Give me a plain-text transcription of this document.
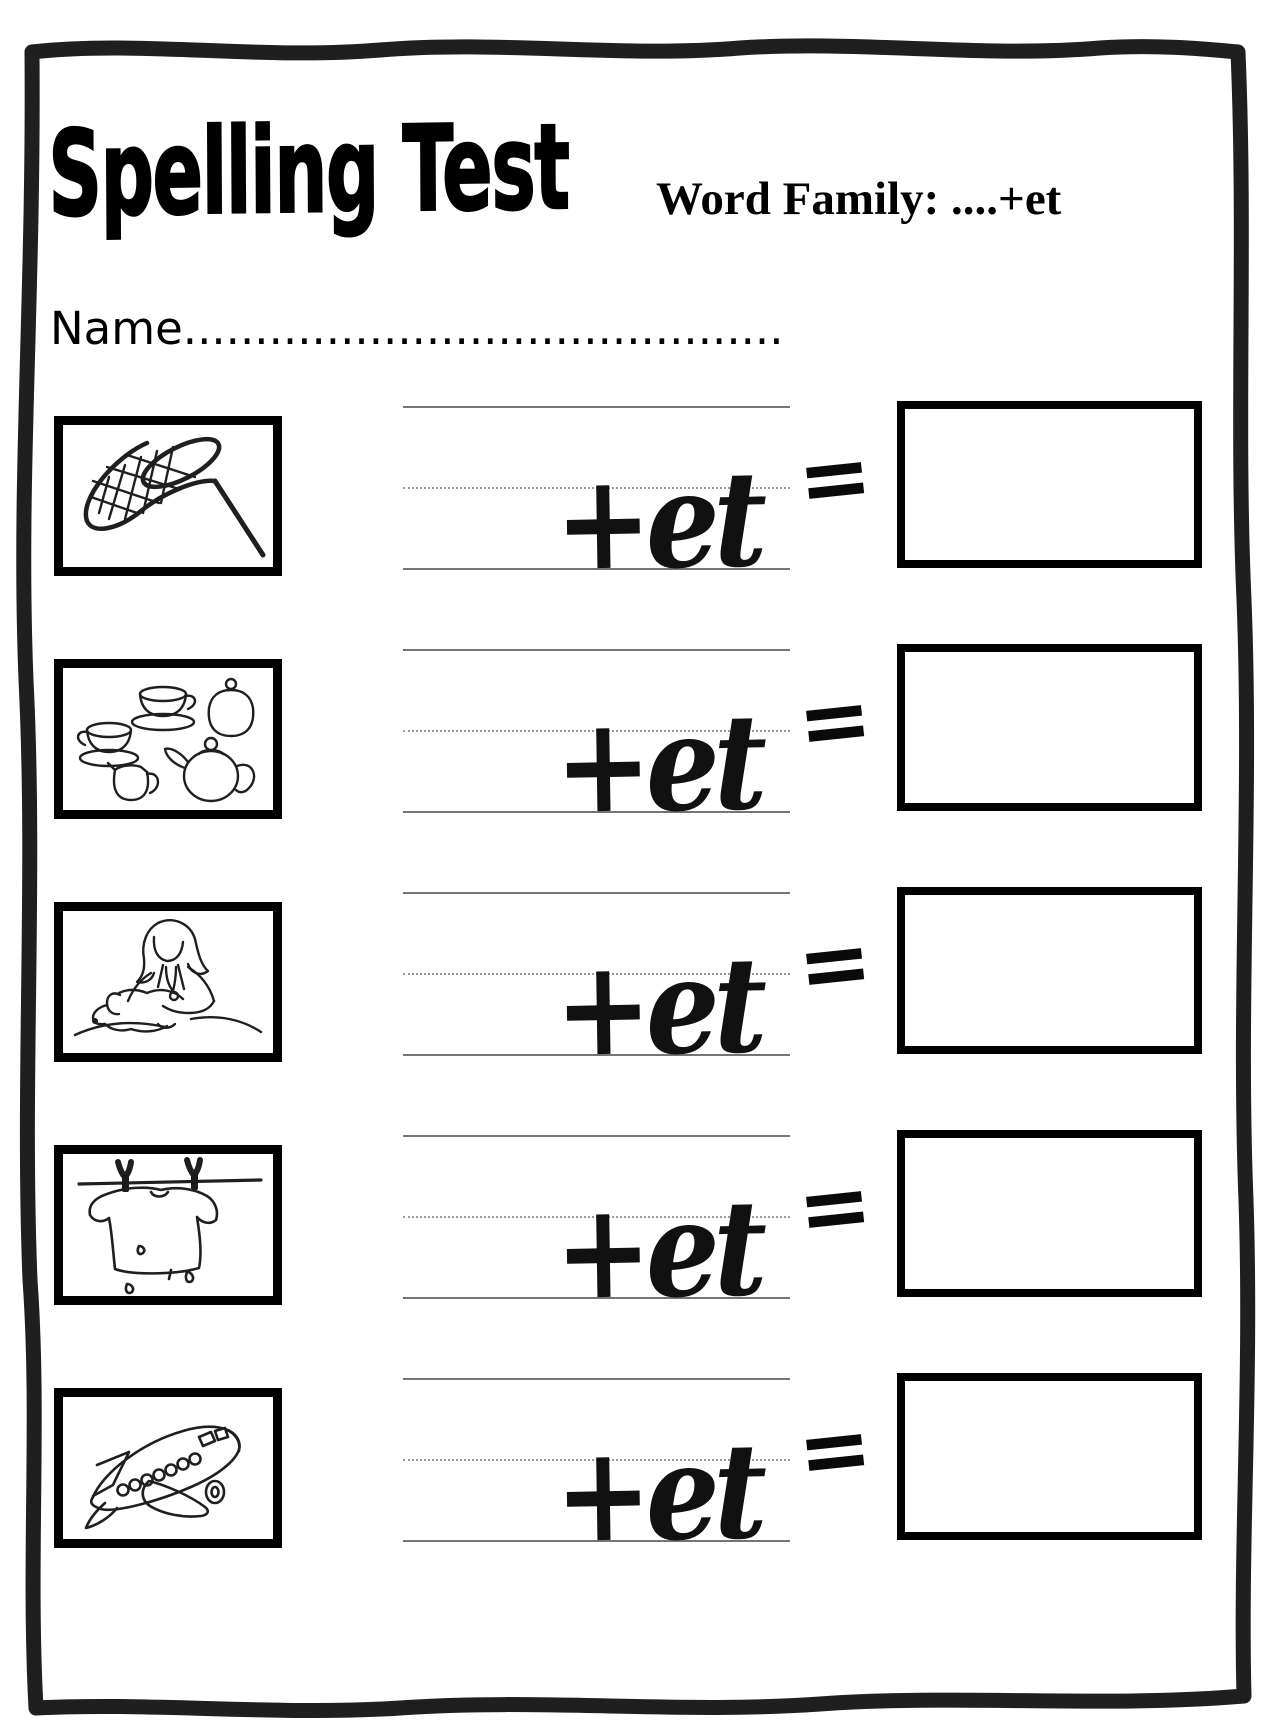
Spelling Test Word Family: ....+et
Name..........................................
+et =
+et =
+et =
+et =
+et =
